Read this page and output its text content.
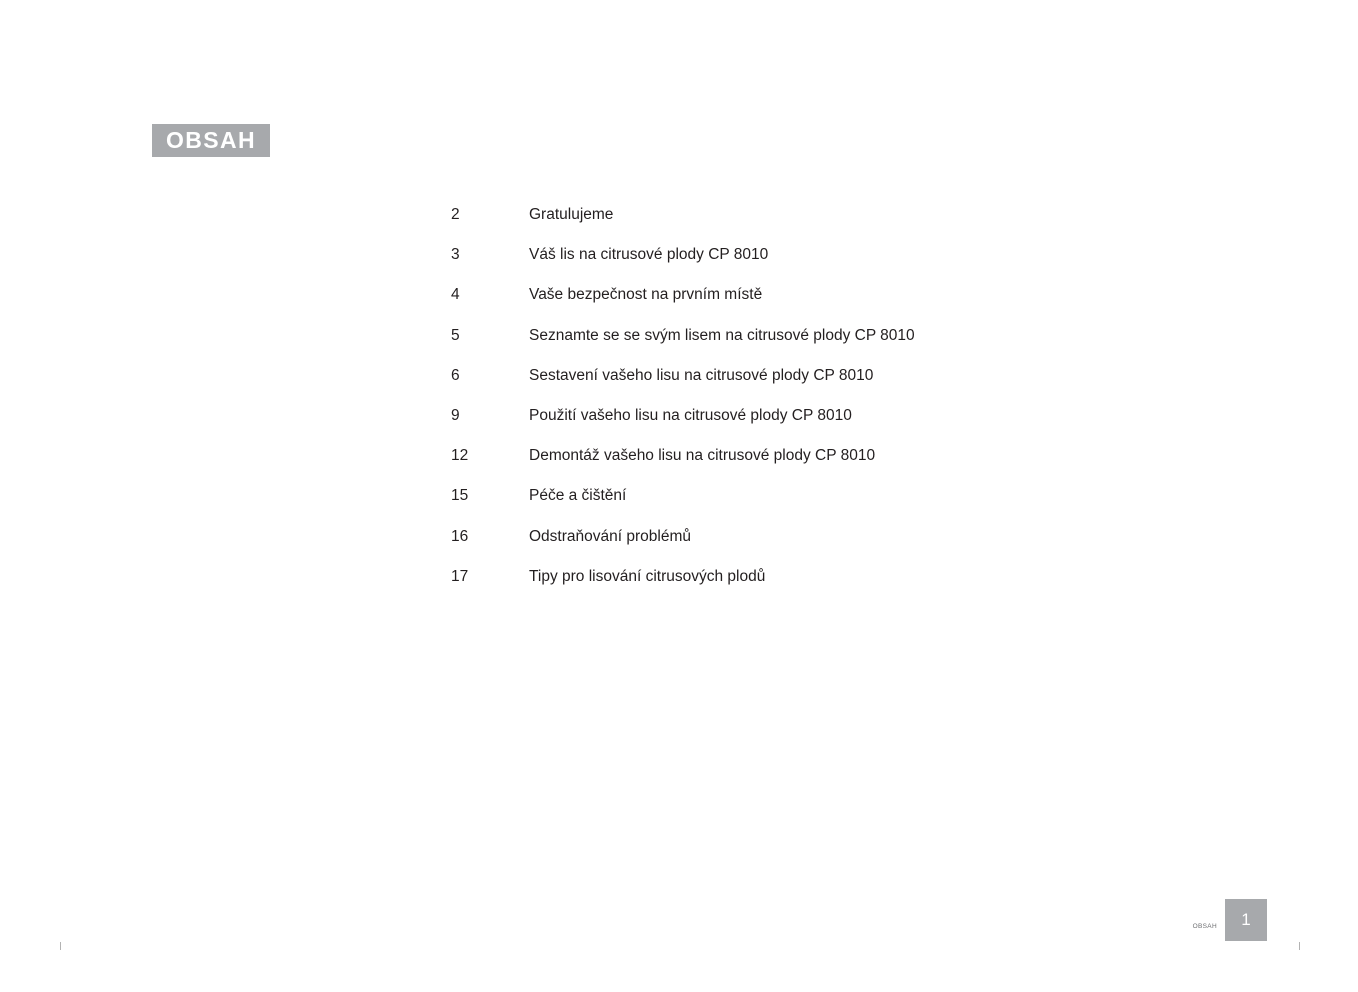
OBSAH
2	Gratulujeme
3	Váš lis na citrusové plody CP 8010
4	Vaše bezpečnost na prvním místě
5	Seznamte se se svým lisem na citrusové plody CP 8010
6	Sestavení vašeho lisu na citrusové plody CP 8010
9	Použití vašeho lisu na citrusové plody CP 8010
12	Demontáž vašeho lisu na citrusové plody CP 8010
15	Péče a čištění
16	Odstraňování problémů
17	Tipy pro lisování citrusových plodů
OBSAH	1
